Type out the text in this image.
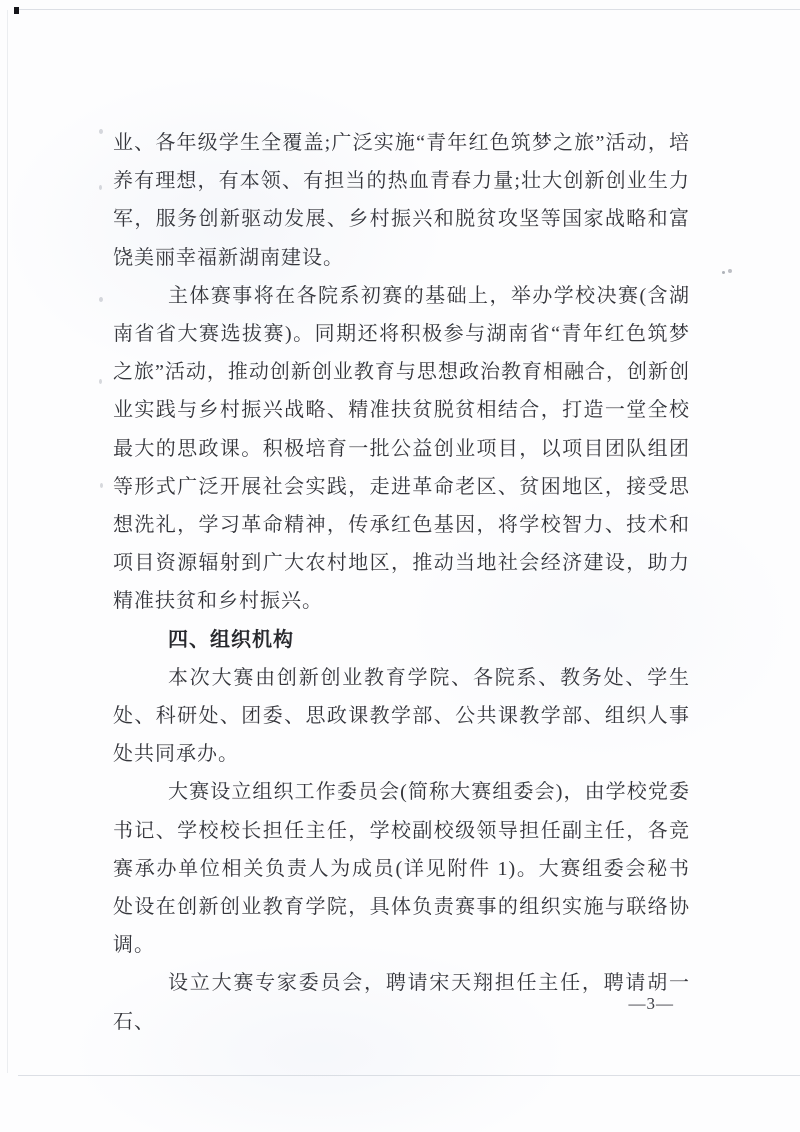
业、各年级学生全覆盖;广泛实施“青年红色筑梦之旅”活动，培养有理想，有本领、有担当的热血青春力量;壮大创新创业生力军，服务创新驱动发展、乡村振兴和脱贫攻坚等国家战略和富饶美丽幸福新湖南建设。

主体赛事将在各院系初赛的基础上，举办学校决赛(含湖南省省大赛选拔赛)。同期还将积极参与湖南省“青年红色筑梦之旅”活动，推动创新创业教育与思想政治教育相融合，创新创业实践与乡村振兴战略、精准扶贫脱贫相结合，打造一堂全校最大的思政课。积极培育一批公益创业项目，以项目团队组团等形式广泛开展社会实践，走进革命老区、贫困地区，接受思想洗礼，学习革命精神，传承红色基因，将学校智力、技术和项目资源辐射到广大农村地区，推动当地社会经济建设，助力精准扶贫和乡村振兴。

四、组织机构

本次大赛由创新创业教育学院、各院系、教务处、学生处、科研处、团委、思政课教学部、公共课教学部、组织人事处共同承办。

大赛设立组织工作委员会(简称大赛组委会)，由学校党委书记、学校校长担任主任，学校副校级领导担任副主任，各竞赛承办单位相关负责人为成员(详见附件 1)。大赛组委会秘书处设在创新创业教育学院，具体负责赛事的组织实施与联络协调。

设立大赛专家委员会，聘请宋天翔担任主任，聘请胡一石、

—3—
